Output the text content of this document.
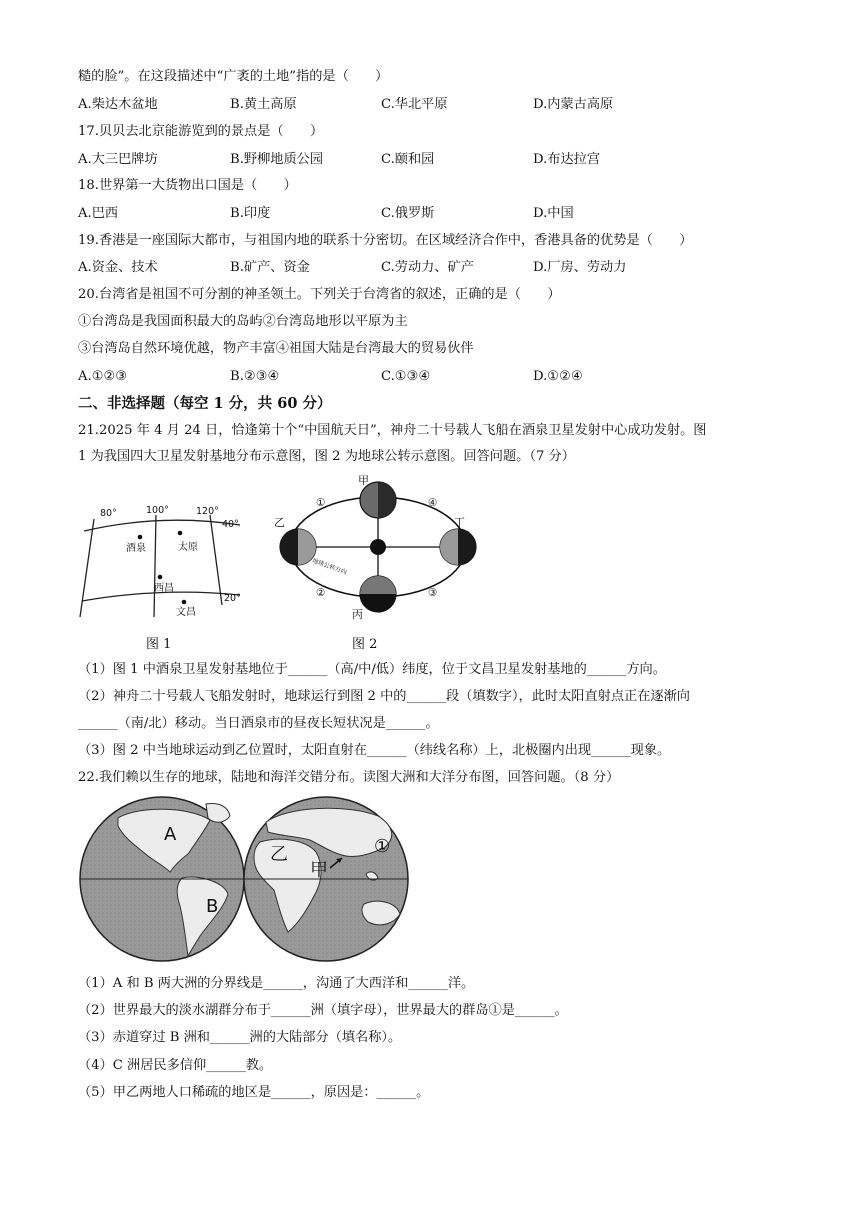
糙的脸”。在这段描述中“广袤的土地”指的是（　　）
A.柴达木盆地	B.黄土高原	C.华北平原	D.内蒙古高原
17.贝贝去北京能游览到的景点是（　　）
A.大三巴牌坊	B.野柳地质公园	C.颐和园	D.布达拉宫
18.世界第一大货物出口国是（　　）
A.巴西	B.印度	C.俄罗斯	D.中国
19.香港是一座国际大都市，与祖国内地的联系十分密切。在区域经济合作中，香港具备的优势是（　　）
A.资金、技术	B.矿产、资金	C.劳动力、矿产	D.厂房、劳动力
20.台湾省是祖国不可分割的神圣领土。下列关于台湾省的叙述，正确的是（　　）
①台湾岛是我国面积最大的岛屿②台湾岛地形以平原为主
③台湾岛自然环境优越，物产丰富④祖国大陆是台湾最大的贸易伙伴
A.①②③	B.②③④	C.①③④	D.①②④
二、非选择题（每空 1 分，共 60 分）
21.2025 年 4 月 24 日，恰逢第十个“中国航天日”，神舟二十号载人飞船在酒泉卫星发射中心成功发射。图
1 为我国四大卫星发射基地分布示意图，图 2 为地球公转示意图。回答问题。（7 分）
80°	100°	120°
40°
20°
酒泉	太原
西昌
文昌
图 1
甲
乙
丙
丁
①
②	③
④
地球公转方向
图 2
（1）图 1 中酒泉卫星发射基地位于______（高/中/低）纬度，位于文昌卫星发射基地的______方向。
（2）神舟二十号载人飞船发射时，地球运行到图 2 中的______段（填数字），此时太阳直射点正在逐渐向
______（南/北）移动。当日酒泉市的昼夜长短状况是______。
（3）图 2 中当地球运动到乙位置时，太阳直射在______（纬线名称）上，北极圈内出现______现象。
22.我们赖以生存的地球，陆地和海洋交错分布。读图大洲和大洋分布图，回答问题。（8 分）
A
B
乙
甲
①
（1）A 和 B 两大洲的分界线是______，沟通了大西洋和______洋。
（2）世界最大的淡水湖群分布于______洲（填字母），世界最大的群岛①是______。
（3）赤道穿过 B 洲和______洲的大陆部分（填名称）。
（4）C 洲居民多信仰______教。
（5）甲乙两地人口稀疏的地区是______，原因是：______。
